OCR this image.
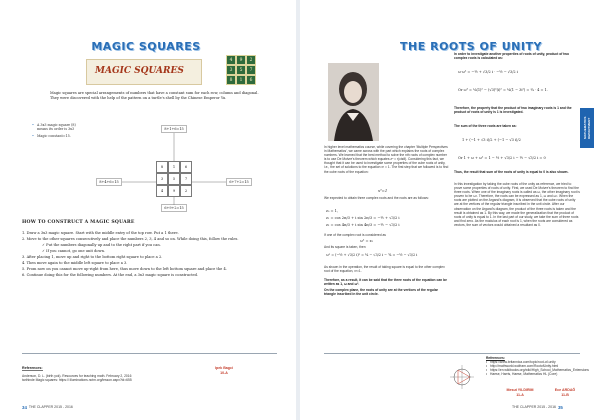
MAGIC SQUARES
MAGIC SQUARES
4	9	2
3	5	7
8	1	6
Magic squares are special arrangements of numbers that have a constant sum for each row, column and diagonal. They were discovered with the help of the pattern on a turtle's shell by the Chinese Emperor Yu.
• A 3x3 magic square (8) means its order is 3x3
• Magic constant=15.
8+1+6=15
8+4+6=15	6+7+2=15
6+9+2=15
8	1	6
3	5	7
4	9	2
HOW TO CONSTRUCT A MAGIC SQUARE

1. Draw a 3x3 magic square. Start with the middle entry of the top row. Put a 1 there.

2. Move to the other squares consecutively and place the numbers 2, 3, 4 and so on. While doing this, follow the rules.

✓ Put the numbers diagonally up and to the right part if you can.

✓ If you cannot, go one unit down.

3. After placing 1, move up and right to the bottom right square to place a 2.

4. Then move again to the middle left square to place a 3.

5. From now on you cannot move up-right from here, thus move down to the left bottom square and place the 4.

6. Continue doing this for the following numbers. At the end, a 3x3 magic square is constructed.

References:
Anderson, D. L. (birth yok). Resources for teaching math. February 2, 2016 tarihinde Magic squares: https:// illuminations.nctm.org/lesson.aspx?id=655
Ipek Bagci
10-A
34 THE CLAPPER 2015 - 2016
THE ROOTS OF UNITY
In higher level mathematics course, while covering the chapter 'Multiple Perspectives in Mathematics', we came across with the part which explains the roots of complex numbers. We learned that the best method to solve the nth roots of complex number is to use De Moivre's theorem which equates zⁿ = r(cisθ). Considering this fact, we thought that it can be used to investigate some properties of the cube roots of unity, i.e., the set of solutions to the equation x³ = 1. The first step that we followed is to find the cube roots of the equation:
x³=1
We expected to obtain three complex roots and the roots are as follows:
z₀ = 1,
z₁ = cos 2π/3 + i sin 2π/3 = −½ + √3/2 i
z₂ = cos 4π/3 + i sin 4π/3 = −½ − √3/2 i
If one of the complex root is considered as
ω² = z₂
And its square is taken, then
ω² = (−½ + √3/2 i)² = ¼ − √3/2 i − ¾ = −½ − √3/2 i
As shown in the operation, the result of taking square is equal to the other complex root of the equation, x³=1.
Therefore, as a result, it can be said that the three roots of the equation can be written as 1, ω and ω².
On the complex plane, the roots of unity are at the vertices of the regular triangle inscribed in the unit circle.
In order to investigate another properties of roots of unity, product of two complex roots is calculated as:
ω·ω² = −½ + √3/2 i · −½ − √3/2 i
Or ω³ = ¼(1)² − (√3)²(i)² = ¼(1 − 3i²) = ¼ · 4 = 1.
Therefore, the property that the product of two imaginary roots is 1 and the product of roots of unity is 1 is investigated.
The sum of the three roots are taken as:
1 + (−1 + √3 i)/2 + (−1 − √3 i)/2
Or 1 + ω + ω² = 1 − ½ + √3/2 i − ½ − √3/2 i = 0
Thus, the result that sum of the roots of unity is equal to 0 is also shown.
In this investigation by taking the cube roots of the unity as reference, we tried to prove some properties of roots of unity. First, we used De Moivre's theorem to find the three roots. When one of the imaginary roots is called as ω, the other imaginary root is proven to be ω². Therefore, the roots can be expressed as 1, ω and ω². When the roots are plotted on the Argand's diagram, it is observed that the cube roots of unity are at the vertices of the regular triangle inscribed in the unit circle. After our observation on the Argand's diagram, the product of the three roots is taken and the result is obtained as 1. By this way, we made the generalization that the product of roots of unity is equal to 1. In the last part of our study, we take the sum of three roots and find zero. As the modulus of each root is 1, when the roots are considered as vectors, the sum of vectors would obtained a resultant as 0.
MATHEMATICS DEPARTMENT
References:
• https://www.britannica.com/topic/root-of-unity
• http://mathworld.wolfram.com/RootofUnity.html
• https://en.wikibooks.org/wiki/High_School_Mathematics_Extensions
• Haese, Harris, Haese, Mathematics HL (Core)
Mesut YILDIRIM
11-A
Ece ARDAĞ
11-B
THE CLAPPER 2015 - 2016 35
